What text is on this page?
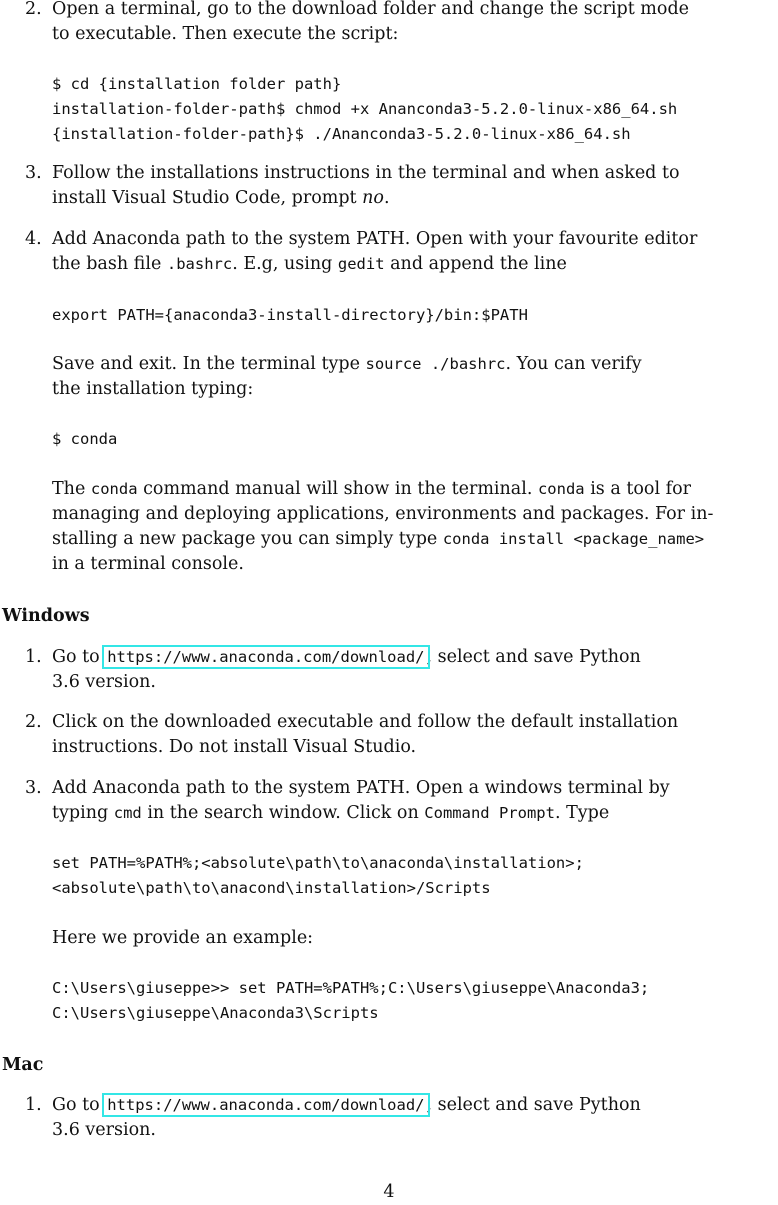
2. Open a terminal, go to the download folder and change the script mode
to executable. Then execute the script:
$ cd {installation folder path}
installation-folder-path$ chmod +x Ananconda3-5.2.0-linux-x86_64.sh
{installation-folder-path}$ ./Ananconda3-5.2.0-linux-x86_64.sh
3. Follow the installations instructions in the terminal and when asked to
install Visual Studio Code, prompt no.
4. Add Anaconda path to the system PATH. Open with your favourite editor
the bash file .bashrc. E.g, using gedit and append the line
export PATH={anaconda3-install-directory}/bin:$PATH
Save and exit. In the terminal type source ./bashrc. You can verify
the installation typing:
$ conda
The conda command manual will show in the terminal. conda is a tool for
managing and deploying applications, environments and packages. For in-
stalling a new package you can simply type conda install <package_name>
in a terminal console.
Windows
1. Go to https://www.anaconda.com/download/ , select and save Python
3.6 version.
2. Click on the downloaded executable and follow the default installation
instructions. Do not install Visual Studio.
3. Add Anaconda path to the system PATH. Open a windows terminal by
typing cmd in the search window. Click on Command Prompt. Type
set PATH=%PATH%;<absolute\path\to\anaconda\installation>;
<absolute\path\to\anacond\installation>/Scripts
Here we provide an example:
C:\Users\giuseppe>> set PATH=%PATH%;C:\Users\giuseppe\Anaconda3;
C:\Users\giuseppe\Anaconda3\Scripts
Mac
1. Go to https://www.anaconda.com/download/ , select and save Python
3.6 version.
4
